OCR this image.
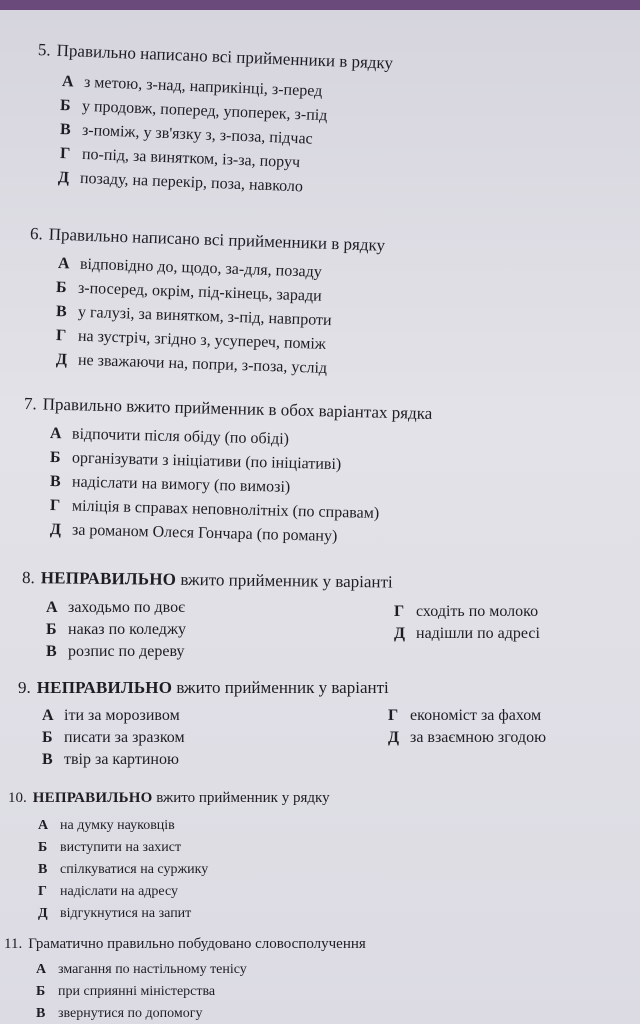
5. Правильно написано всі прийменники в рядку
А з метою, з-над, наприкінці, з-перед
Б у продовж, поперед, упоперек, з-під
В з-поміж, у зв'язку з, з-поза, підчас
Г по-під, за винятком, із-за, поруч
Д позаду, на перекір, поза, навколо
6. Правильно написано всі прийменники в рядку
А відповідно до, щодо, за-для, позаду
Б з-посеред, окрім, під-кінець, заради
В у галузі, за винятком, з-під, навпроти
Г на зустріч, згідно з, усупереч, поміж
Д не зважаючи на, попри, з-поза, услід
7. Правильно вжито прийменник в обох варіантах рядка
А відпочити після обіду (по обіді)
Б організувати з ініціативи (по ініціативі)
В надіслати на вимогу (по вимозі)
Г міліція в справах неповнолітніх (по справам)
Д за романом Олеся Гончара (по роману)
8. НЕПРАВИЛЬНО вжито прийменник у варіанті
А заходьмо по двоє
Б наказ по коледжу
В розпис по дереву
Г сходіть по молоко
Д надішли по адресі
9. НЕПРАВИЛЬНО вжито прийменник у варіанті
А іти за морозивом
Б писати за зразком
В твір за картиною
Г економіст за фахом
Д за взаємною згодою
10. НЕПРАВИЛЬНО вжито прийменник у рядку
А на думку науковців
Б виступити на захист
В спілкуватися на суржику
Г надіслати на адресу
Д відгукнутися на запит
11. Граматично правильно побудовано словосполучення
А змагання по настільному тенісу
Б при сприянні міністерства
В звернутися по допомогу
